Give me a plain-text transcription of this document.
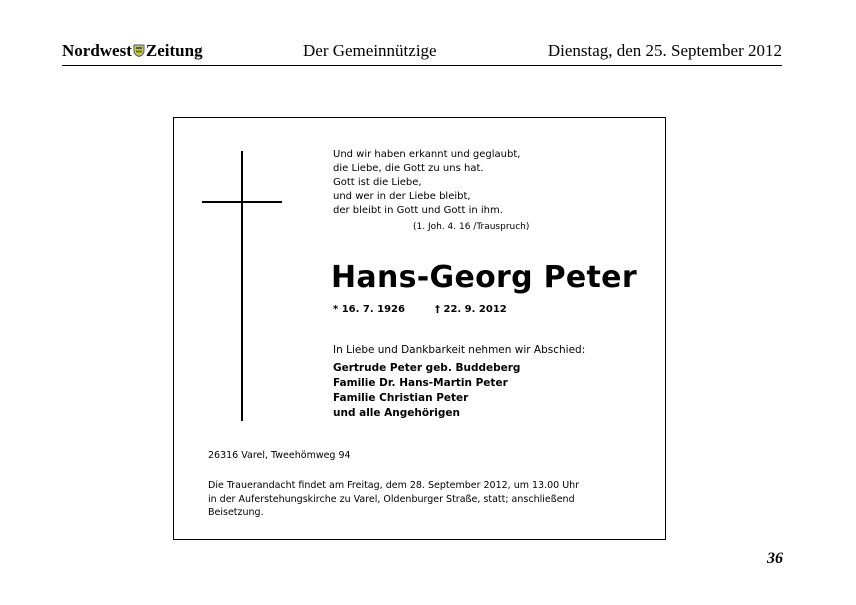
Nordwest Zeitung	Der Gemeinnützige	Dienstag, den 25. September 2012
Und wir haben erkannt und geglaubt,
die Liebe, die Gott zu uns hat.
Gott ist die Liebe,
und wer in der Liebe bleibt,
der bleibt in Gott und Gott in ihm.
(1. Joh. 4. 16 /Trauspruch)
Hans-Georg Peter
* 16. 7. 1926	† 22. 9. 2012
In Liebe und Dankbarkeit nehmen wir Abschied:
Gertrude Peter geb. Buddeberg
Familie Dr. Hans-Martin Peter
Familie Christian Peter
und alle Angehörigen
26316 Varel, Tweehömweg 94
Die Trauerandacht findet am Freitag, dem 28. September 2012, um 13.00 Uhr
in der Auferstehungskirche zu Varel, Oldenburger Straße, statt; anschließend
Beisetzung.
36
